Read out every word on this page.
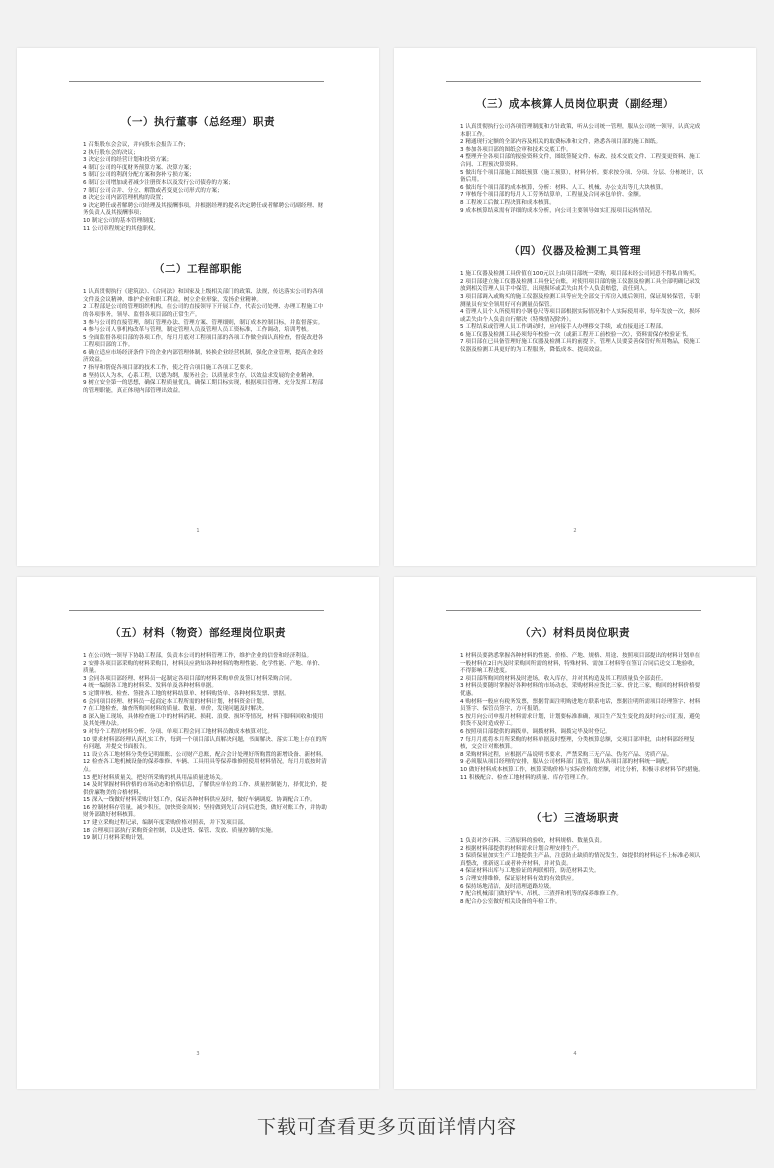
（一）执行董事（总经理）职责
1 召集股东会会议，并向股东会报告工作；
2 执行股东会的决议；
3 决定公司的经营计划和投资方案；
4 制订公司的年度财务预算方案、决算方案；
5 制订公司的利润分配方案和弥补亏损方案；
6 制订公司增加或者减少注册资本以及发行公司债券的方案；
7 制订公司合并、分立、解散或者变更公司形式的方案；
8 决定公司内部管理机构的设置；
9 决定聘任或者解聘公司经理及其报酬事项，并根据经理的提名决定聘任或者解聘公司副经理、财务负责人及其报酬事项；
10 制定公司的基本管理制度；
11 公司章程规定的其他职权。
（二）工程部职能
1 认真贯彻执行《建筑法》、《合同法》和国家及上级相关部门的政策、法规，传达落实公司的各项文件及会议精神，维护企业和职工利益，树立企业形象，发扬企业精神。
2 工程部是公司的管理组织机构，在公司的直接领导下开展工作，代表公司处理、办理工程施工中的各项事务，领导、监督各项目部的正常生产。
3 参与公司的直接管理，制订管理办法、管理方案、管理细则，制订成本控制目标，并监督落实。
4 参与公司人事机构改革与管理，制定管理人员及管理人员工资标准，工作调动，培训考核。
5 全面监督各项目部的各项工作，每月月底对工程项目部的各项工作做全面认真检查，督促改进各工程项目部的工作。
6 确立适应市场经济条件下的企业内部管理体制，转换企业经营机制，强化企业管理，提高企业经济效益。
7 指导和帮促各项目部的技术工作，使之符合项目施工各项工艺要求。
8 坚持以人为本，心系工程，以德为纲，服务社会；以质量求生存，以效益求发展的企业精神。
9 树立安全第一的思想，确保工程质量优良，确保工期目标实现，根据项目管理、充分发挥工程部的管理职能，真正体现内部管理出效益。
1
（三）成本核算人员岗位职责（副经理）
1 认真贯彻执行公司各项管理制度和方针政策，听从公司统一管理，服从公司统一领导，认真完成本职工作。
2 精通现行定额的全部内容及相关的取费标准和文件，熟悉各项目部的施工图纸。
3 参加各项目部的图纸会审和技术交底工作。
4 整理齐全各项目部的报验资料文件，图纸签疑文件、标政、技术交底文件、工程变更资料、施工合同、工程预决算资料。
5 做出每个项目部施工图纸预算（施工预算），材料分析。要求按分项、分项、分层、分栋统计，以备后用。
6 做出每个项目部的成本核算，分析：材料、人工、机械、办公支出等几大块核算。
7 审核每个项目部的每月人工劳务结算单，工程量及合同承包单价、金额。
8 工程竣工后做工程决算和成本核算。
9 成本核算结束需有详细的成本分析，向公司主要领导如实汇报项目运转情况。
（四）仪器及检测工具管理
1 施工仪器及检测工具价值在100元以上由项目部统一采购，项目部未经公司同意不得私自购买。
2 项目部建立施工仪器及检测工具登记台账，对使用项目部的施工仪器及检测工具全部明确记录发放到相关管理人员手中保管，出现损坏或丢失由其个人负责赔偿，责任到人。
3 项目部调入或购买的施工仪器及检测工具等应先全部交于库房入账后领用，保证周转保管，专职测量员有安全领用好可有测量员保管。
4 管理人员个人所使用的小钢卷尺等项目部根据实际情况和个人实际使用率，每年发放一次，损坏或丢失由个人负责自行解决（特殊情况除外）。
5 工程结束或管理人员工作调动时，应向接手人办理移交手续，或直接退还工程部。
6 施工仪器及检测工具必须每年校验一次（或新工程开工前校验一次），资料需保存校验证书。
7 项目部在已具备管理好施工仪器及检测工具的前提下，管理人员要妥善保管好所用物品，使施工仪器及检测工具更好的为工程服务，降低成本、提高效益。
2
（五）材料（物资）部经理岗位职责
1 在公司统一领导下协助工程部，负责本公司的材料管理工作，维护企业的信誉和经济利益。
2 安排各项目部采购的材料采购目，材料员应熟知各种材料的物理性能、化学性能、产地、单价、质量。
3 会同各项目部经理、材料员一起制定各项目部的材料采购单价及签订材料采购合同。
4 统一编制各工地的材料采、发料单及各种材料单据。
5 定期审核、检查、签批各工地的材料结算单、材料购货单、各种材料发票、票据。
6 会同项目经理、材料员一起商定本工程所需的材料计划，材料资金计划。
7 在工地检查，抽查所购回材料的质量、数量、单价，发现问题及时解决。
8 深入施工现场，具体检查施工中的材料消耗、损耗、浪费、损坏等情况，材料下脚料回收和使用及其处理办法。
9 对每个工程的材料分析、分项、单项工程会同工地材料员做成本核算对比。
10 要求材料部经理认真扎实工作，每到一个项目部认真解决问题，书面解决、落实工地上存在的所有问题，并提交书面报告。
11 设立各工地材料分类登记明细账、公司财产总账，配合会计处理好所购置的新增设备、新材料。
12 检查各工地机械设备的保养维修、车辆、工具用具等保养维修照使用材料情况，每月月底按时清点。
13 把好材料质量关，把好所采购的机具用品质量进场关。
14 及时掌握材料价格的市场动态和价格信息，了解供应单位的工作、质量控制能力，择优比价，提供价廉物美的合格材料。
15 深入一线做好材料采购计划工作，保证各种材料供应及时，做好车辆调度、协调配合工作。
16 控制材料存管量，减少积压，加快资金周转；坚持做到先订合同后进货，做好对账工作，并协助财务部做好材料核算。
17 建立采购过程记录，编制年度采购价格对照表，并下发项目部。
18 合理项目部执行采购资金控制，以及进货、保管、发放、质量控制的实施。
19 制订月材料采购计划。
3
（六）材料员岗位职责
1 材料员要熟悉掌握各种材料的性能、价格、产地、规格、用途、按照项目部提出的材料计划单在一般材料在2日内及时采购回所需的材料，特殊材料、需加工材料等在签订合同后送交工地验收，不得影响工程进度。
2 项目部所购回的材料及时进场，收入库存，并对其构造及其工程质量负全部责任。
3 材料员要随时掌握好各种材料的市场动态，采购材料应货比三家、价比三家，购回的材料价格要优惠。
4 购材料一般应有税务发票，票据背面注明购进地方联系电话，票据注明所需项目经理签字、材料员签字、保管员签字，方可报销。
5 按月向公司申报月材料需求计划，计划要标准准确，项目生产发生变化的及时向公司汇报，避免供货不及时造成停工。
6 按照项目部提供的调拨单，调拨材料，调拨完毕及时登记。
7 每月月底将本月所采购的材料单据及时整理，分类核算总额，交项目部审批，由材料部经理复核，交会计对账核算。
8 采购材料过程，应根据产品说明书要求，严禁采购三无产品、伪劣产品、劣质产品。
9 必须服从项目经理的安排，服从公司材料部门监管，服从各项目部的材料统一调配。
10 做好材料成本核算工作，核算采购价格与实际价格的差额，对比分析，积极寻求材料节约措施。
11 积极配合、检查工地材料的质量、库存管理工作。
（七）三渣场职责
1 负责对沙石料、三渣原料的验收，材料规格、数量负责。
2 根据材料部提供的材料需求计划合理安排生产。
3 保质保量加实生产工地提供主产品，注意防止缺质的情况发生，如提供的材料运不上标准必须认真整改，重新返工或者补齐材料，并对负责。
4 保证材料出库与工地验证的两联相符，防范材料丢失。
5 合理安排维修，保证原材料有效的有效供应。
6 保持场地清洁，及时清理道路垃圾。
7 配合机械部门做好铲车、吊机、三渣拌和机等的保养维修工作。
8 配合办公室做好相关设备的年检工作。
4
下载可查看更多页面详情内容
